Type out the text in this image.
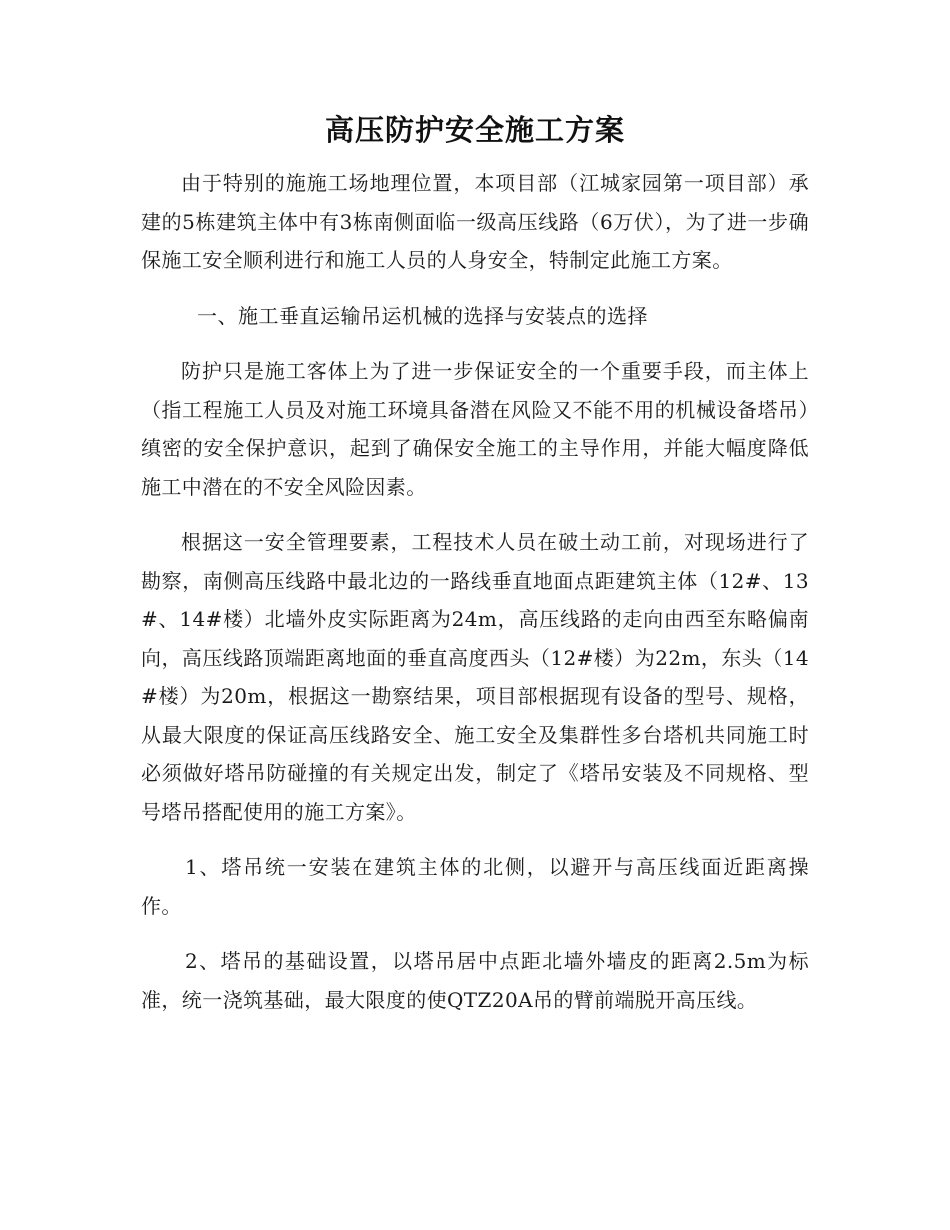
高压防护安全施工方案

由于特别的施施工场地理位置，本项目部（江城家园第一项目部）承建的5栋建筑主体中有3栋南侧面临一级高压线路（6万伏），为了进一步确保施工安全顺利进行和施工人员的人身安全，特制定此施工方案。

一、施工垂直运输吊运机械的选择与安装点的选择

防护只是施工客体上为了进一步保证安全的一个重要手段，而主体上（指工程施工人员及对施工环境具备潜在风险又不能不用的机械设备塔吊）缜密的安全保护意识，起到了确保安全施工的主导作用，并能大幅度降低施工中潜在的不安全风险因素。

根据这一安全管理要素，工程技术人员在破土动工前，对现场进行了勘察，南侧高压线路中最北边的一路线垂直地面点距建筑主体（12#、13#、14#楼）北墙外皮实际距离为24m，高压线路的走向由西至东略偏南向，高压线路顶端距离地面的垂直高度西头（12#楼）为22m，东头（14#楼）为20m，根据这一勘察结果，项目部根据现有设备的型号、规格，从最大限度的保证高压线路安全、施工安全及集群性多台塔机共同施工时必须做好塔吊防碰撞的有关规定出发，制定了《塔吊安装及不同规格、型号塔吊搭配使用的施工方案》。

1、塔吊统一安装在建筑主体的北侧，以避开与高压线面近距离操作。

2、塔吊的基础设置，以塔吊居中点距北墙外墙皮的距离2.5m为标准，统一浇筑基础，最大限度的使QTZ20A吊的臂前端脱开高压线。
